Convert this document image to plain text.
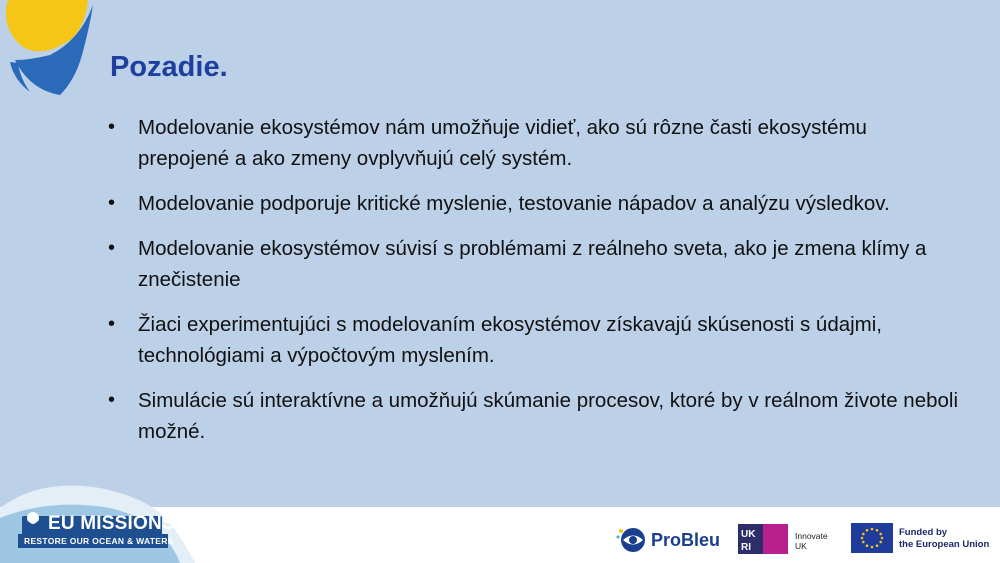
Pozadie.
• Modelovanie ekosystémov nám umožňuje vidieť, ako sú rôzne časti ekosystému prepojené a ako zmeny ovplyvňujú celý systém.
• Modelovanie podporuje kritické myslenie, testovanie nápadov a analýzu výsledkov.
• Modelovanie ekosystémov súvisí s problémami z reálneho sveta, ako je zmena klímy a znečistenie
• Žiaci experimentujúci s modelovaním ekosystémov získavajú skúsenosti s údajmi, technológiami a výpočtovým myslením.
• Simulácie sú interaktívne a umožňujú skúmanie procesov, ktoré by v reálnom živote neboli možné.
EU MISSIONS
RESTORE OUR OCEAN & WATERS	ProBleu UK
RI
Innovate
UK
Funded by
the European Union
